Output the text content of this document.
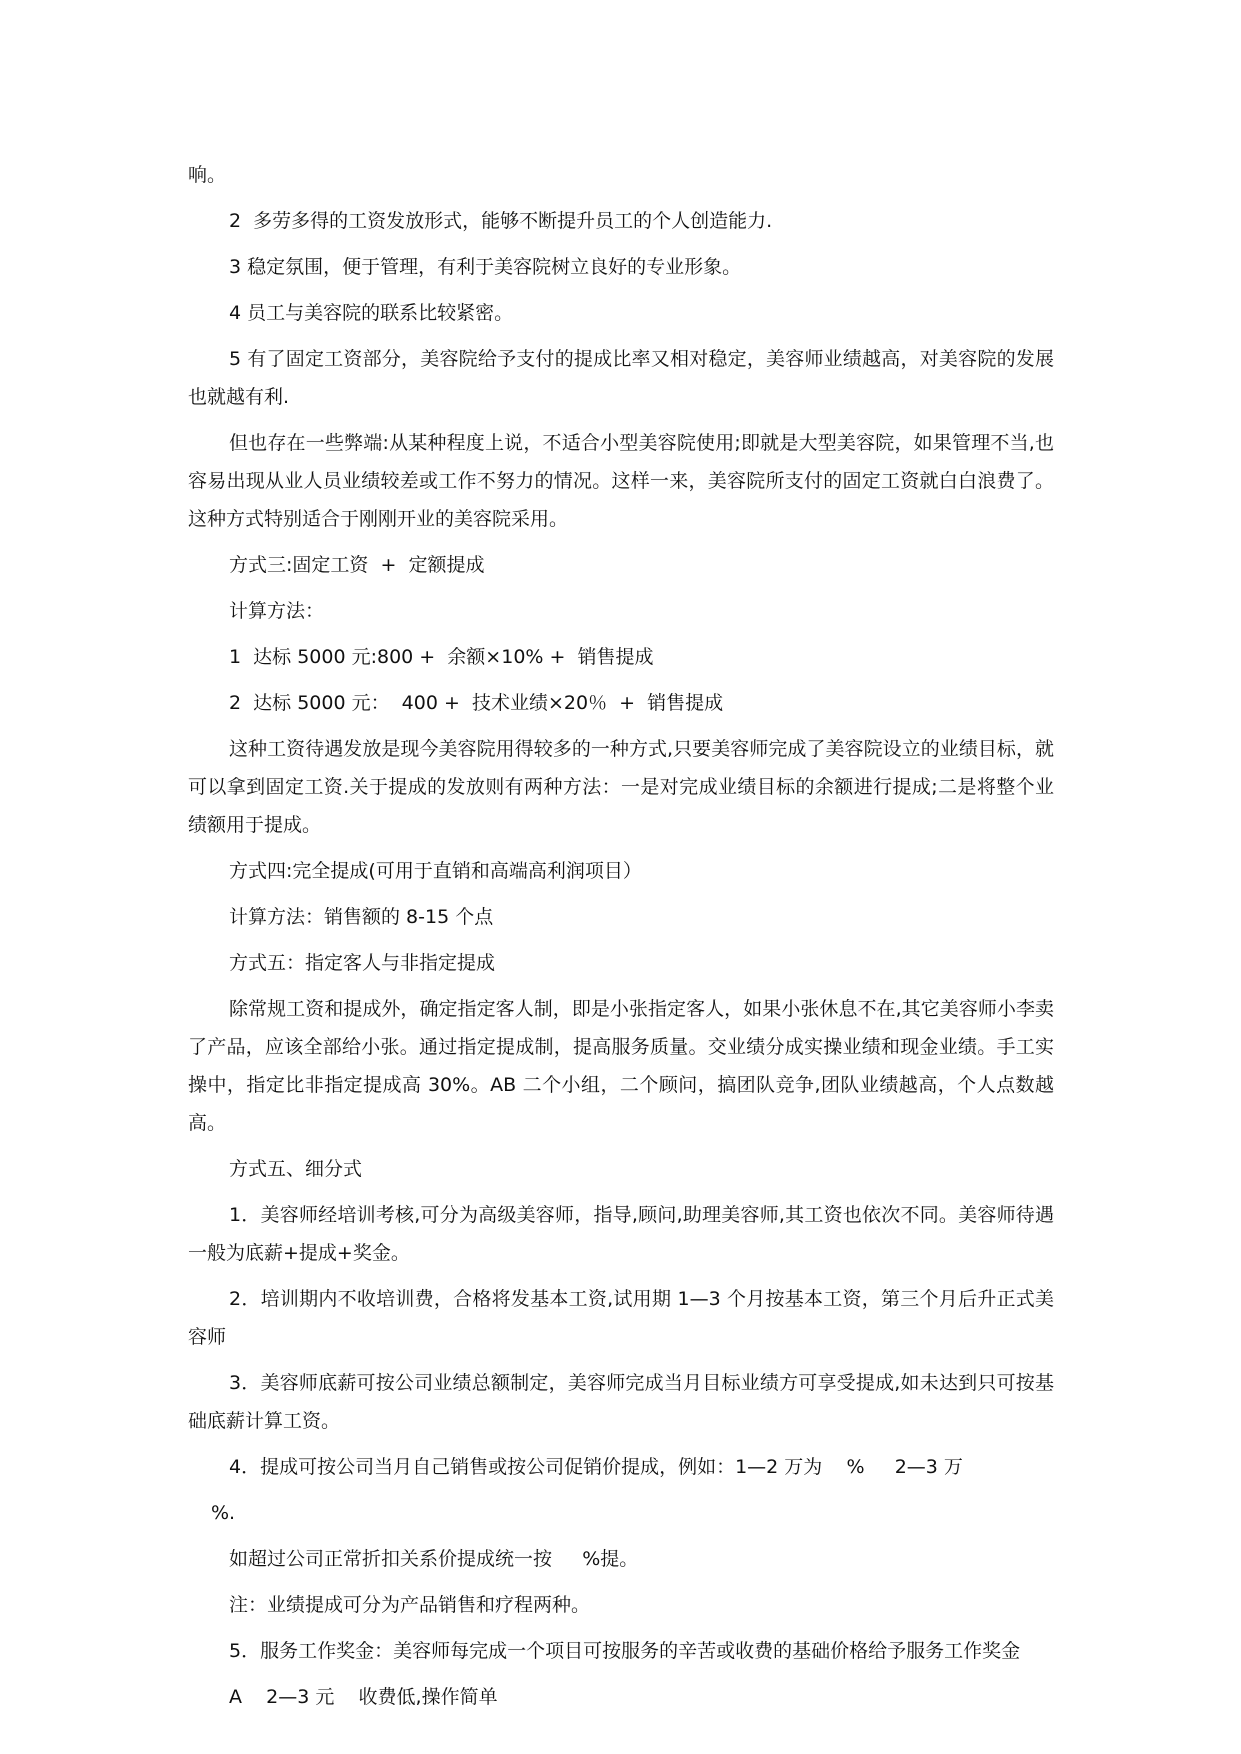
响。

2  多劳多得的工资发放形式，能够不断提升员工的个人创造能力.

3 稳定氛围，便于管理，有利于美容院树立良好的专业形象。

4 员工与美容院的联系比较紧密。

5 有了固定工资部分，美容院给予支付的提成比率又相对稳定，美容师业绩越高，对美容院的发展也就越有利.

但也存在一些弊端:从某种程度上说，不适合小型美容院使用;即就是大型美容院，如果管理不当,也容易出现从业人员业绩较差或工作不努力的情况。这样一来，美容院所支付的固定工资就白白浪费了。这种方式特别适合于刚刚开业的美容院采用。

方式三:固定工资  +  定额提成

计算方法：

1  达标 5000 元:800 +  余额×10% +  销售提成

2  达标 5000 元：  400 +  技术业绩×20％  +  销售提成

这种工资待遇发放是现今美容院用得较多的一种方式,只要美容师完成了美容院设立的业绩目标，就可以拿到固定工资.关于提成的发放则有两种方法：一是对完成业绩目标的余额进行提成;二是将整个业绩额用于提成。

方式四:完全提成(可用于直销和高端高利润项目）

计算方法：销售额的 8-15 个点

方式五：指定客人与非指定提成

除常规工资和提成外，确定指定客人制，即是小张指定客人，如果小张休息不在,其它美容师小李卖了产品，应该全部给小张。通过指定提成制，提高服务质量。交业绩分成实操业绩和现金业绩。手工实操中，指定比非指定提成高 30%。AB 二个小组，二个顾问，搞团队竞争,团队业绩越高，个人点数越高。

方式五、细分式

1．美容师经培训考核,可分为高级美容师，指导,顾问,助理美容师,其工资也依次不同。美容师待遇一般为底薪+提成+奖金。

2．培训期内不收培训费，合格将发基本工资,试用期 1—3 个月按基本工资，第三个月后升正式美容师

3．美容师底薪可按公司业绩总额制定，美容师完成当月目标业绩方可享受提成,如未达到只可按基础底薪计算工资。

4．提成可按公司当月自己销售或按公司促销价提成，例如：1—2 万为    %     2—3 万

%.

如超过公司正常折扣关系价提成统一按     %提。

注：业绩提成可分为产品销售和疗程两种。

5．服务工作奖金：美容师每完成一个项目可按服务的辛苦或收费的基础价格给予服务工作奖金

A    2—3 元    收费低,操作简单
